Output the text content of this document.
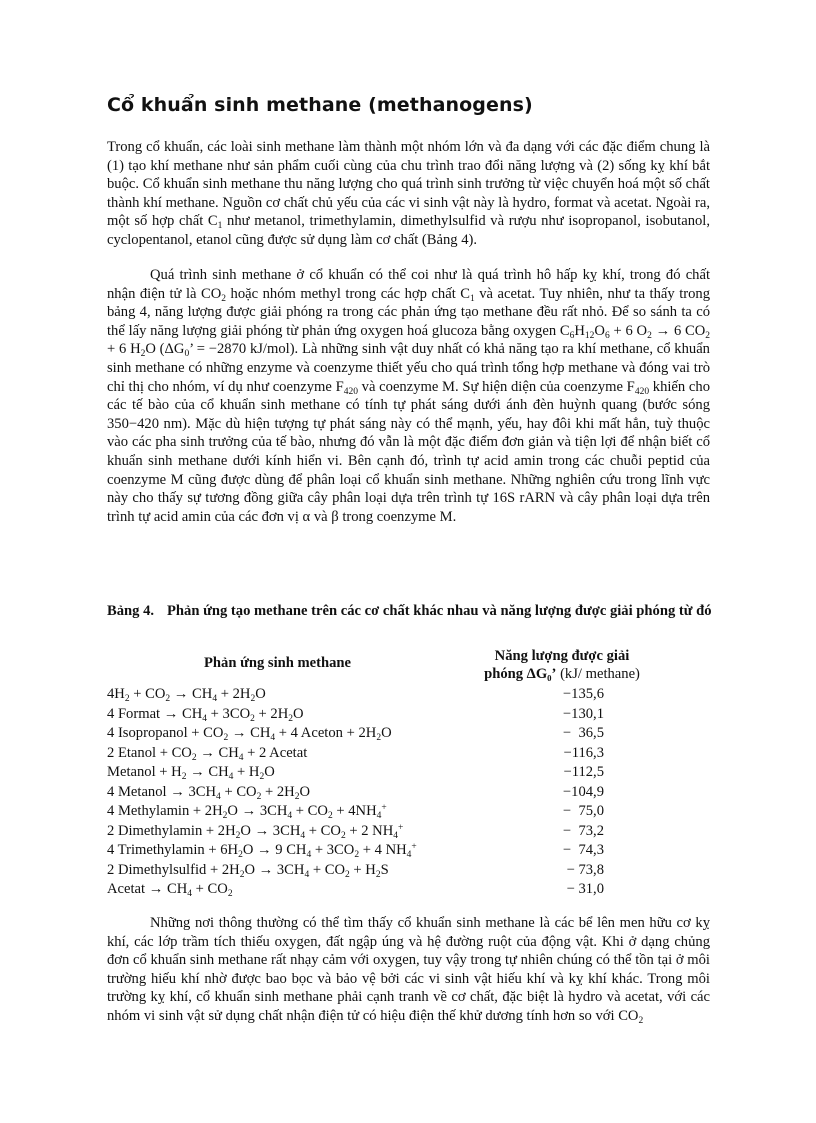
Cổ khuẩn sinh methane (methanogens)

Trong cổ khuẩn, các loài sinh methane làm thành một nhóm lớn và đa dạng với các đặc điểm chung là (1) tạo khí methane như sản phẩm cuối cùng của chu trình trao đổi năng lượng và (2) sống kỵ khí bắt buộc. Cổ khuẩn sinh methane thu năng lượng cho quá trình sinh trưởng từ việc chuyển hoá một số chất thành khí methane. Nguồn cơ chất chủ yếu của các vi sinh vật này là hydro, format và acetat. Ngoài ra, một số hợp chất $C_1$ như metanol, trimethylamin, dimethylsulfid và rượu như isopropanol, isobutanol, cyclopentanol, etanol cũng được sử dụng làm cơ chất (Bảng 4).

Quá trình sinh methane ở cổ khuẩn có thể coi như là quá trình hô hấp kỵ khí, trong đó chất nhận điện tử là $CO_2$ hoặc nhóm methyl trong các hợp chất $C_1$ và acetat. Tuy nhiên, như ta thấy trong bảng 4, năng lượng được giải phóng ra trong các phản ứng tạo methane đều rất nhỏ. Để so sánh ta có thể lấy năng lượng giải phóng từ phản ứng oxygen hoá glucoza bằng oxygen $C_6H_{12}O_6 + 6$ $O_2 \to 6$ $CO_2 + 6$ $H_2O$ ($\Delta G_0$’ = −2870 kJ/mol). Là những sinh vật duy nhất có khả năng tạo ra khí methane, cổ khuẩn sinh methane có những enzyme và coenzyme thiết yếu cho quá trình tổng hợp methane và đóng vai trò chỉ thị cho nhóm, ví dụ như coenzyme $F_{420}$ và coenzyme M. Sự hiện diện của coenzyme $F_{420}$ khiến cho các tế bào của cổ khuẩn sinh methane có tính tự phát sáng dưới ánh đèn huỳnh quang (bước sóng 350−420 nm). Mặc dù hiện tượng tự phát sáng này có thể mạnh, yếu, hay đôi khi mất hẳn, tuỳ thuộc vào các pha sinh trưởng của tế bào, nhưng đó vẫn là một đặc điểm đơn giản và tiện lợi để nhận biết cổ khuẩn sinh methane dưới kính hiển vi. Bên cạnh đó, trình tự acid amin trong các chuỗi peptid của coenzyme M cũng được dùng để phân loại cổ khuẩn sinh methane. Những nghiên cứu trong lĩnh vực này cho thấy sự tương đồng giữa cây phân loại dựa trên trình tự 16S rARN và cây phân loại dựa trên trình tự acid amin của các đơn vị α và β trong coenzyme M.

Bảng 4. Phản ứng tạo methane trên các cơ chất khác nhau và năng lượng được giải phóng từ đó
Phản ứng sinh methane	Năng lượng được giải
phóng ΔG₀’ (kJ/ methane)
$4H_2 + CO_2 \to CH_4 + 2H_2O$	−135,6
4 Format → $CH_4 + 3CO_2 + 2H_2O$	−130,1
4 Isopropanol + $CO_2 \to CH_4 + 4$ Aceton + $2H_2O$	−  36,5
2 Etanol + $CO_2 \to CH_4 + 2$ Acetat	−116,3
Metanol + $H_2 \to CH_4 + H_2O$	−112,5
4 Metanol → $3CH_4 + CO_2 + 2H_2O$	−104,9
4 Methylamin + $2H_2O \to 3CH_4 + CO_2 + 4NH_4^+$	−  75,0
2 Dimethylamin + $2H_2O \to 3CH_4 + CO_2 + 2$ $NH_4^+$	−  73,2
4 Trimethylamin + $6H_2O \to 9$ $CH_4 + 3CO_2 + 4$ $NH_4^+$	−  74,3
2 Dimethylsulfid + $2H_2O \to 3CH_4 + CO_2 + H_2S$	− 73,8
Acetat → $CH_4 + CO_2$	− 31,0

Những nơi thông thường có thể tìm thấy cổ khuẩn sinh methane là các bể lên men hữu cơ kỵ khí, các lớp trầm tích thiếu oxygen, đất ngập úng và hệ đường ruột của động vật. Khi ở dạng chủng đơn cổ khuẩn sinh methane rất nhạy cảm với oxygen, tuy vậy trong tự nhiên chúng có thể tồn tại ở môi trường hiếu khí nhờ được bao bọc và bảo vệ bởi các vi sinh vật hiếu khí và kỵ khí khác. Trong môi trường kỵ khí, cổ khuẩn sinh methane phải cạnh tranh về cơ chất, đặc biệt là hydro và acetat, với các nhóm vi sinh vật sử dụng chất nhận điện tử có hiệu điện thế khử dương tính hơn so với $CO_2$
